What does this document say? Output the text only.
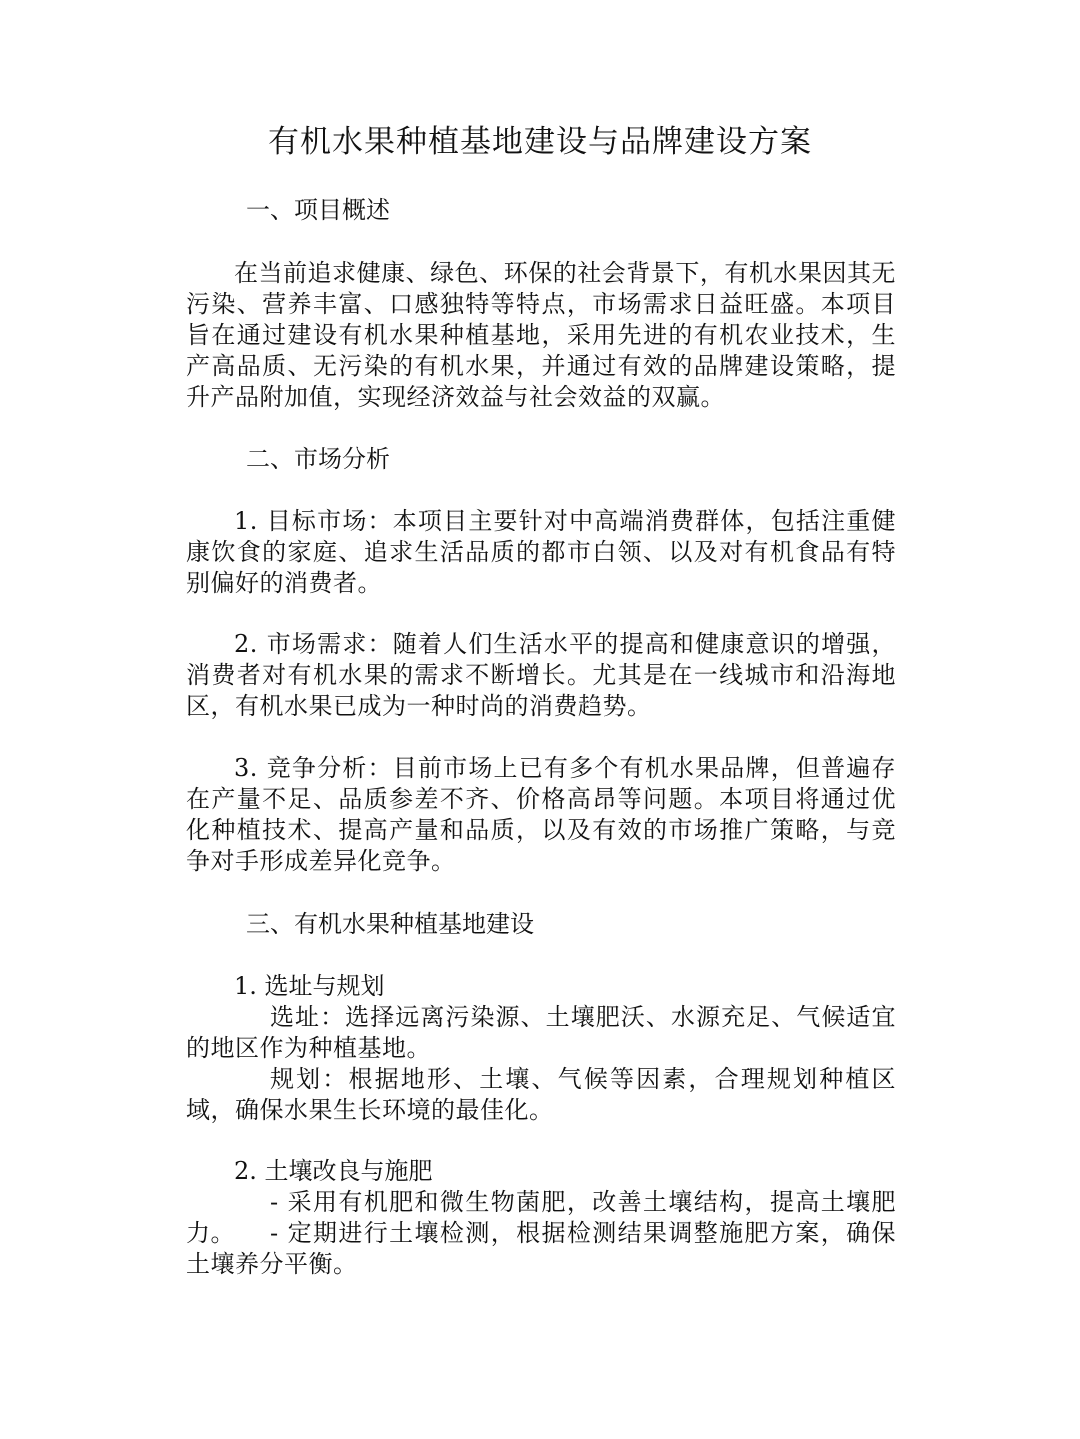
有机水果种植基地建设与品牌建设方案
一、项目概述
在当前追求健康、绿色、环保的社会背景下，有机水果因其无污染、营养丰富、口感独特等特点，市场需求日益旺盛。本项目旨在通过建设有机水果种植基地，采用先进的有机农业技术，生产高品质、无污染的有机水果，并通过有效的品牌建设策略，提升产品附加值，实现经济效益与社会效益的双赢。
二、市场分析
1. 目标市场：本项目主要针对中高端消费群体，包括注重健康饮食的家庭、追求生活品质的都市白领、以及对有机食品有特别偏好的消费者。
2. 市场需求：随着人们生活水平的提高和健康意识的增强，消费者对有机水果的需求不断增长。尤其是在一线城市和沿海地区，有机水果已成为一种时尚的消费趋势。
3. 竞争分析：目前市场上已有多个有机水果品牌，但普遍存在产量不足、品质参差不齐、价格高昂等问题。本项目将通过优化种植技术、提高产量和品质，以及有效的市场推广策略，与竞争对手形成差异化竞争。
三、有机水果种植基地建设
1. 选址与规划
选址：选择远离污染源、土壤肥沃、水源充足、气候适宜的地区作为种植基地。
规划：根据地形、土壤、气候等因素，合理规划种植区域，确保水果生长环境的最佳化。
2. 土壤改良与施肥
- 采用有机肥和微生物菌肥，改善土壤结构，提高土壤肥力。	- 定期进行土壤检测，根据检测结果调整施肥方案，确保土壤养分平衡。
